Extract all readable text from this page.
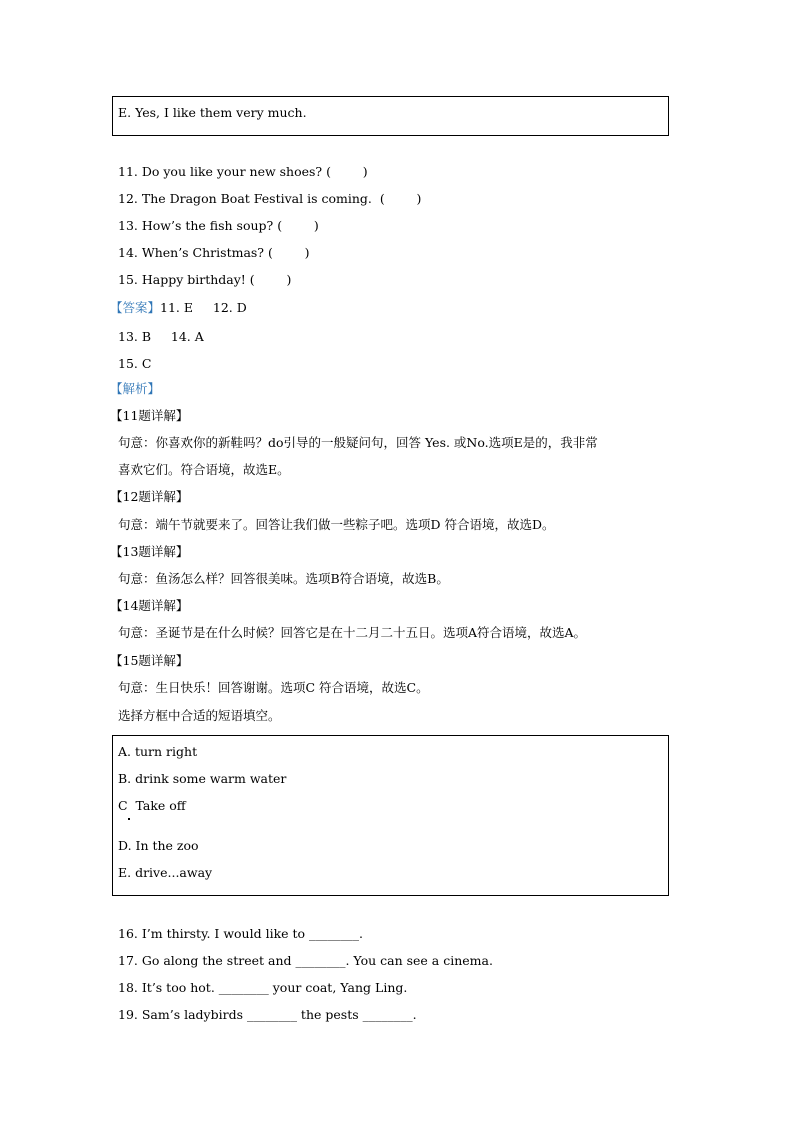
E. Yes, I like them very much.
11. Do you like your new shoes? (        )
12. The Dragon Boat Festival is coming.  (        )
13. How’s the fish soup? (        )
14. When’s Christmas? (        )
15. Happy birthday! (        )
【答案】11. E     12. D
13. B     14. A
15. C
【解析】
【11题详解】
句意：你喜欢你的新鞋吗？do引导的一般疑问句，回答 Yes. 或No.选项E是的，我非常
喜欢它们。符合语境，故选E。
【12题详解】
句意：端午节就要来了。回答让我们做一些粽子吧。选项D 符合语境，故选D。
【13题详解】
句意：鱼汤怎么样？回答很美味。选项B符合语境，故选B。
【14题详解】
句意：圣诞节是在什么时候？回答它是在十二月二十五日。选项A符合语境，故选A。
【15题详解】
句意：生日快乐！回答谢谢。选项C 符合语境，故选C。
选择方框中合适的短语填空。
A. turn right
B. drink some warm water
C  Take off
D. In the zoo
E. drive...away
16. I’m thirsty. I would like to ________.
17. Go along the street and ________. You can see a cinema.
18. It’s too hot. ________ your coat, Yang Ling.
19. Sam’s ladybirds ________ the pests ________.
